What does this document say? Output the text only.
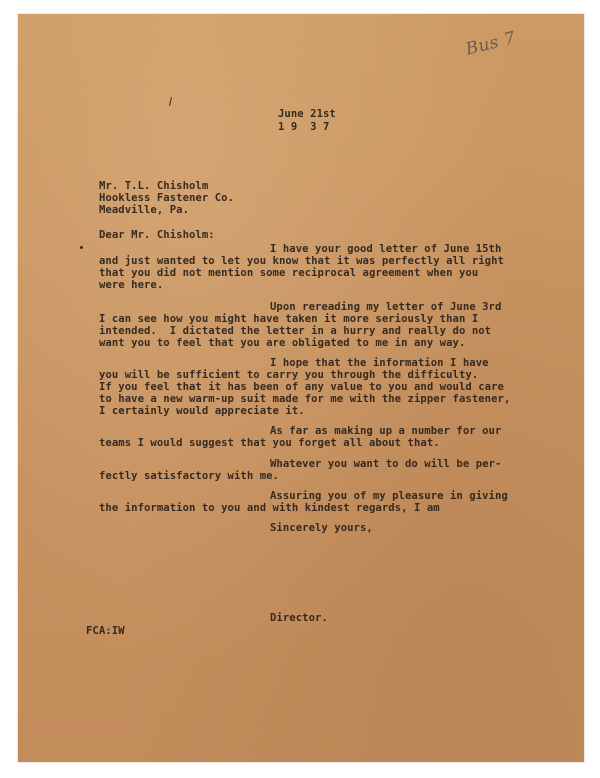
Bus 7
June 21st
1 9  3 7
Mr. T.L. Chisholm
Hookless Fastener Co.
Meadville, Pa.
Dear Mr. Chisholm:
I have your good letter of June 15th
and just wanted to let you know that it was perfectly all right
that you did not mention some reciprocal agreement when you
were here.
Upon rereading my letter of June 3rd
I can see how you might have taken it more seriously than I
intended.  I dictated the letter in a hurry and really do not
want you to feel that you are obligated to me in any way.
I hope that the information I have
you will be sufficient to carry you through the difficulty.
If you feel that it has been of any value to you and would care
to have a new warm-up suit made for me with the zipper fastener,
I certainly would appreciate it.
As far as making up a number for our
teams I would suggest that you forget all about that.
Whatever you want to do will be per-
fectly satisfactory with me.
Assuring you of my pleasure in giving
the information to you and with kindest regards, I am
Sincerely yours,
Director.
FCA:IW
